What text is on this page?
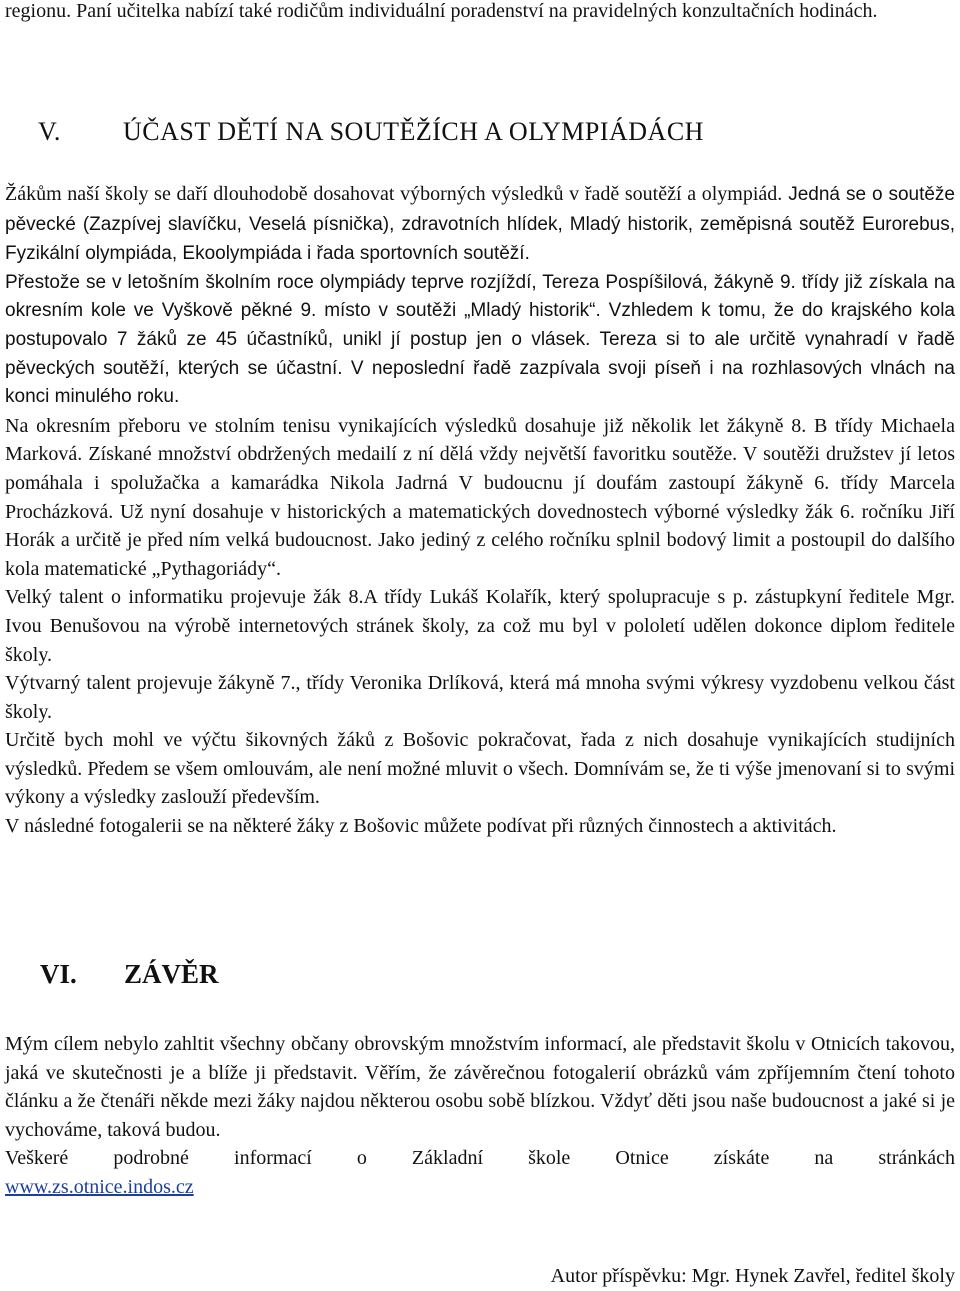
regionu. Paní učitelka nabízí také rodičům individuální poradenství na pravidelných konzultačních hodinách.

V. ÚČAST DĚTÍ NA SOUTĚŽÍCH A OLYMPIÁDÁCH

Žákům naší školy se daří dlouhodobě dosahovat výborných výsledků v řadě soutěží a olympiád. Jedná se o soutěže pěvecké (Zazpívej slavíčku, Veselá písnička), zdravotních hlídek, Mladý historik, zeměpisná soutěž Eurorebus, Fyzikální olympiáda, Ekoolympiáda i řada sportovních soutěží.

Přestože se v letošním školním roce olympiády teprve rozjíždí, Tereza Pospíšilová, žákyně 9. třídy již získala na okresním kole ve Vyškově pěkné 9. místo v soutěži „Mladý historik“. Vzhledem k tomu, že do krajského kola postupovalo 7 žáků ze 45 účastníků, unikl jí postup jen o vlásek. Tereza si to ale určitě vynahradí v řadě pěveckých soutěží, kterých se účastní. V neposlední řadě zazpívala svoji píseň i na rozhlasových vlnách na konci minulého roku.

Na okresním přeboru ve stolním tenisu vynikajících výsledků dosahuje již několik let žákyně 8. B třídy Michaela Marková. Získané množství obdržených medailí z ní dělá vždy největší favoritku soutěže. V soutěži družstev jí letos pomáhala i spolužačka a kamarádka Nikola Jadrná V budoucnu jí doufám zastoupí žákyně 6. třídy Marcela Procházková. Už nyní dosahuje v historických a matematických dovednostech výborné výsledky žák 6. ročníku Jiří Horák a určitě je před ním velká budoucnost. Jako jediný z celého ročníku splnil bodový limit a postoupil do dalšího kola matematické „Pythagoriády“.

Velký talent o informatiku projevuje žák 8.A třídy Lukáš Kolařík, který spolupracuje s p. zástupkyní ředitele Mgr. Ivou Benušovou na výrobě internetových stránek školy, za což mu byl v pololetí udělen dokonce diplom ředitele školy.

Výtvarný talent projevuje žákyně 7., třídy Veronika Drlíková, která má mnoha svými výkresy vyzdobenu velkou část školy.

Určitě bych mohl ve výčtu šikovných žáků z Bošovic pokračovat, řada z nich dosahuje vynikajících studijních výsledků. Předem se všem omlouvám, ale není možné mluvit o všech. Domnívám se, že ti výše jmenovaní si to svými výkony a výsledky zaslouží především.

V následné fotogalerii se na některé žáky z Bošovic můžete podívat při různých činnostech a aktivitách.

VI. ZÁVĚR

Mým cílem nebylo zahltit všechny občany obrovským množstvím informací, ale představit školu v Otnicích takovou, jaká ve skutečnosti je a blíže ji představit. Věřím, že závěrečnou fotogalerií obrázků vám zpříjemním čtení tohoto článku a že čtenáři někde mezi žáky najdou některou osobu sobě blízkou. Vždyť děti jsou naše budoucnost a jaké si je vychováme, taková budou.

Veškeré podrobné informací o Základní škole Otnice získáte na stránkách

www.zs.otnice.indos.cz

Autor příspěvku: Mgr. Hynek Zavřel, ředitel školy
